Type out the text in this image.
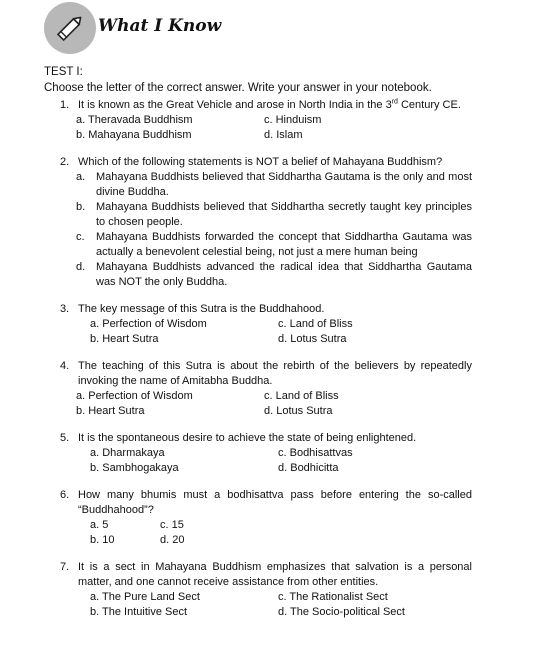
What I Know
TEST I:
Choose the letter of the correct answer. Write your answer in your notebook.
1. It is known as the Great Vehicle and arose in North India in the 3rd Century CE.
a. Theravada Buddhism	c. Hinduism
b. Mahayana Buddhism	d. Islam
2. Which of the following statements is NOT a belief of Mahayana Buddhism?
a. Mahayana Buddhists believed that Siddhartha Gautama is the only and most divine Buddha.
b. Mahayana Buddhists believed that Siddhartha secretly taught key principles to chosen people.
c. Mahayana Buddhists forwarded the concept that Siddhartha Gautama was actually a benevolent celestial being, not just a mere human being
d. Mahayana Buddhists advanced the radical idea that Siddhartha Gautama was NOT the only Buddha.
3. The key message of this Sutra is the Buddhahood.
a. Perfection of Wisdom	c. Land of Bliss
b. Heart Sutra	d. Lotus Sutra
4. The teaching of this Sutra is about the rebirth of the believers by repeatedly invoking the name of Amitabha Buddha.
a. Perfection of Wisdom	c. Land of Bliss
b. Heart Sutra	d. Lotus Sutra
5. It is the spontaneous desire to achieve the state of being enlightened.
a. Dharmakaya	c. Bodhisattvas
b. Sambhogakaya	d. Bodhicitta
6. How many bhumis must a bodhisattva pass before entering the so-called “Buddhahood”?
a. 5	c. 15
b. 10	d. 20
7. It is a sect in Mahayana Buddhism emphasizes that salvation is a personal matter, and one cannot receive assistance from other entities.
a. The Pure Land Sect	c. The Rationalist Sect
b. The Intuitive Sect	d. The Socio-political Sect
